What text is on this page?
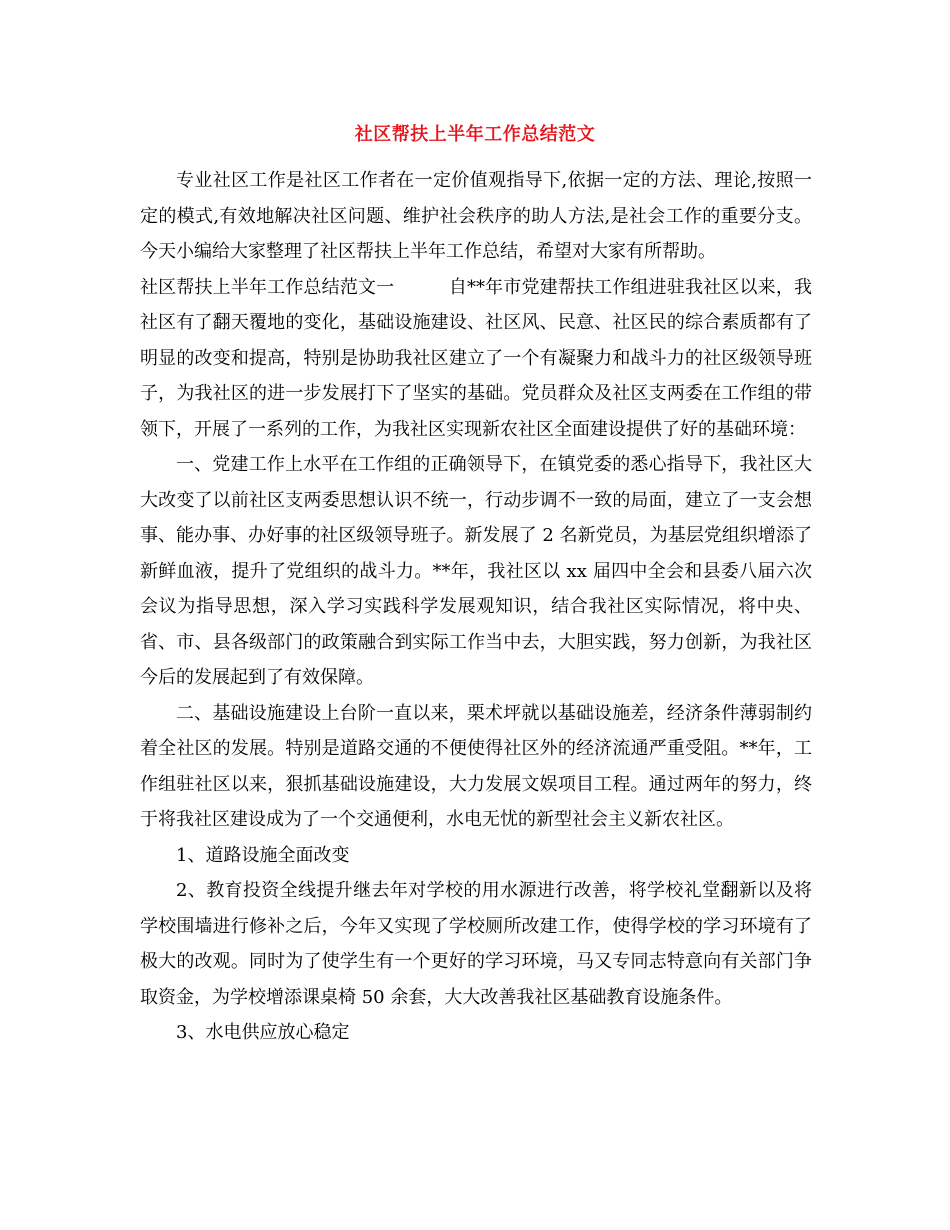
社区帮扶上半年工作总结范文

专业社区工作是社区工作者在一定价值观指导下,依据一定的方法、理论,按照一定的模式,有效地解决社区问题、维护社会秩序的助人方法,是社会工作的重要分支。今天小编给大家整理了社区帮扶上半年工作总结，希望对大家有所帮助。

社区帮扶上半年工作总结范文一　　　自**年市党建帮扶工作组进驻我社区以来，我社区有了翻天覆地的变化，基础设施建设、社区风、民意、社区民的综合素质都有了明显的改变和提高，特别是协助我社区建立了一个有凝聚力和战斗力的社区级领导班子，为我社区的进一步发展打下了坚实的基础。党员群众及社区支两委在工作组的带领下，开展了一系列的工作，为我社区实现新农社区全面建设提供了好的基础环境：

一、党建工作上水平在工作组的正确领导下，在镇党委的悉心指导下，我社区大大改变了以前社区支两委思想认识不统一，行动步调不一致的局面，建立了一支会想事、能办事、办好事的社区级领导班子。新发展了 2 名新党员，为基层党组织增添了新鲜血液，提升了党组织的战斗力。**年，我社区以 xx 届四中全会和县委八届六次会议为指导思想，深入学习实践科学发展观知识，结合我社区实际情况，将中央、省、市、县各级部门的政策融合到实际工作当中去，大胆实践，努力创新，为我社区今后的发展起到了有效保障。

二、基础设施建设上台阶一直以来，栗术坪就以基础设施差，经济条件薄弱制约着全社区的发展。特别是道路交通的不便使得社区外的经济流通严重受阻。**年，工作组驻社区以来，狠抓基础设施建设，大力发展文娱项目工程。通过两年的努力，终于将我社区建设成为了一个交通便利，水电无忧的新型社会主义新农社区。

1、道路设施全面改变

2、教育投资全线提升继去年对学校的用水源进行改善，将学校礼堂翻新以及将学校围墙进行修补之后，今年又实现了学校厕所改建工作，使得学校的学习环境有了极大的改观。同时为了使学生有一个更好的学习环境，马又专同志特意向有关部门争取资金，为学校增添课桌椅 50 余套，大大改善我社区基础教育设施条件。

3、水电供应放心稳定
